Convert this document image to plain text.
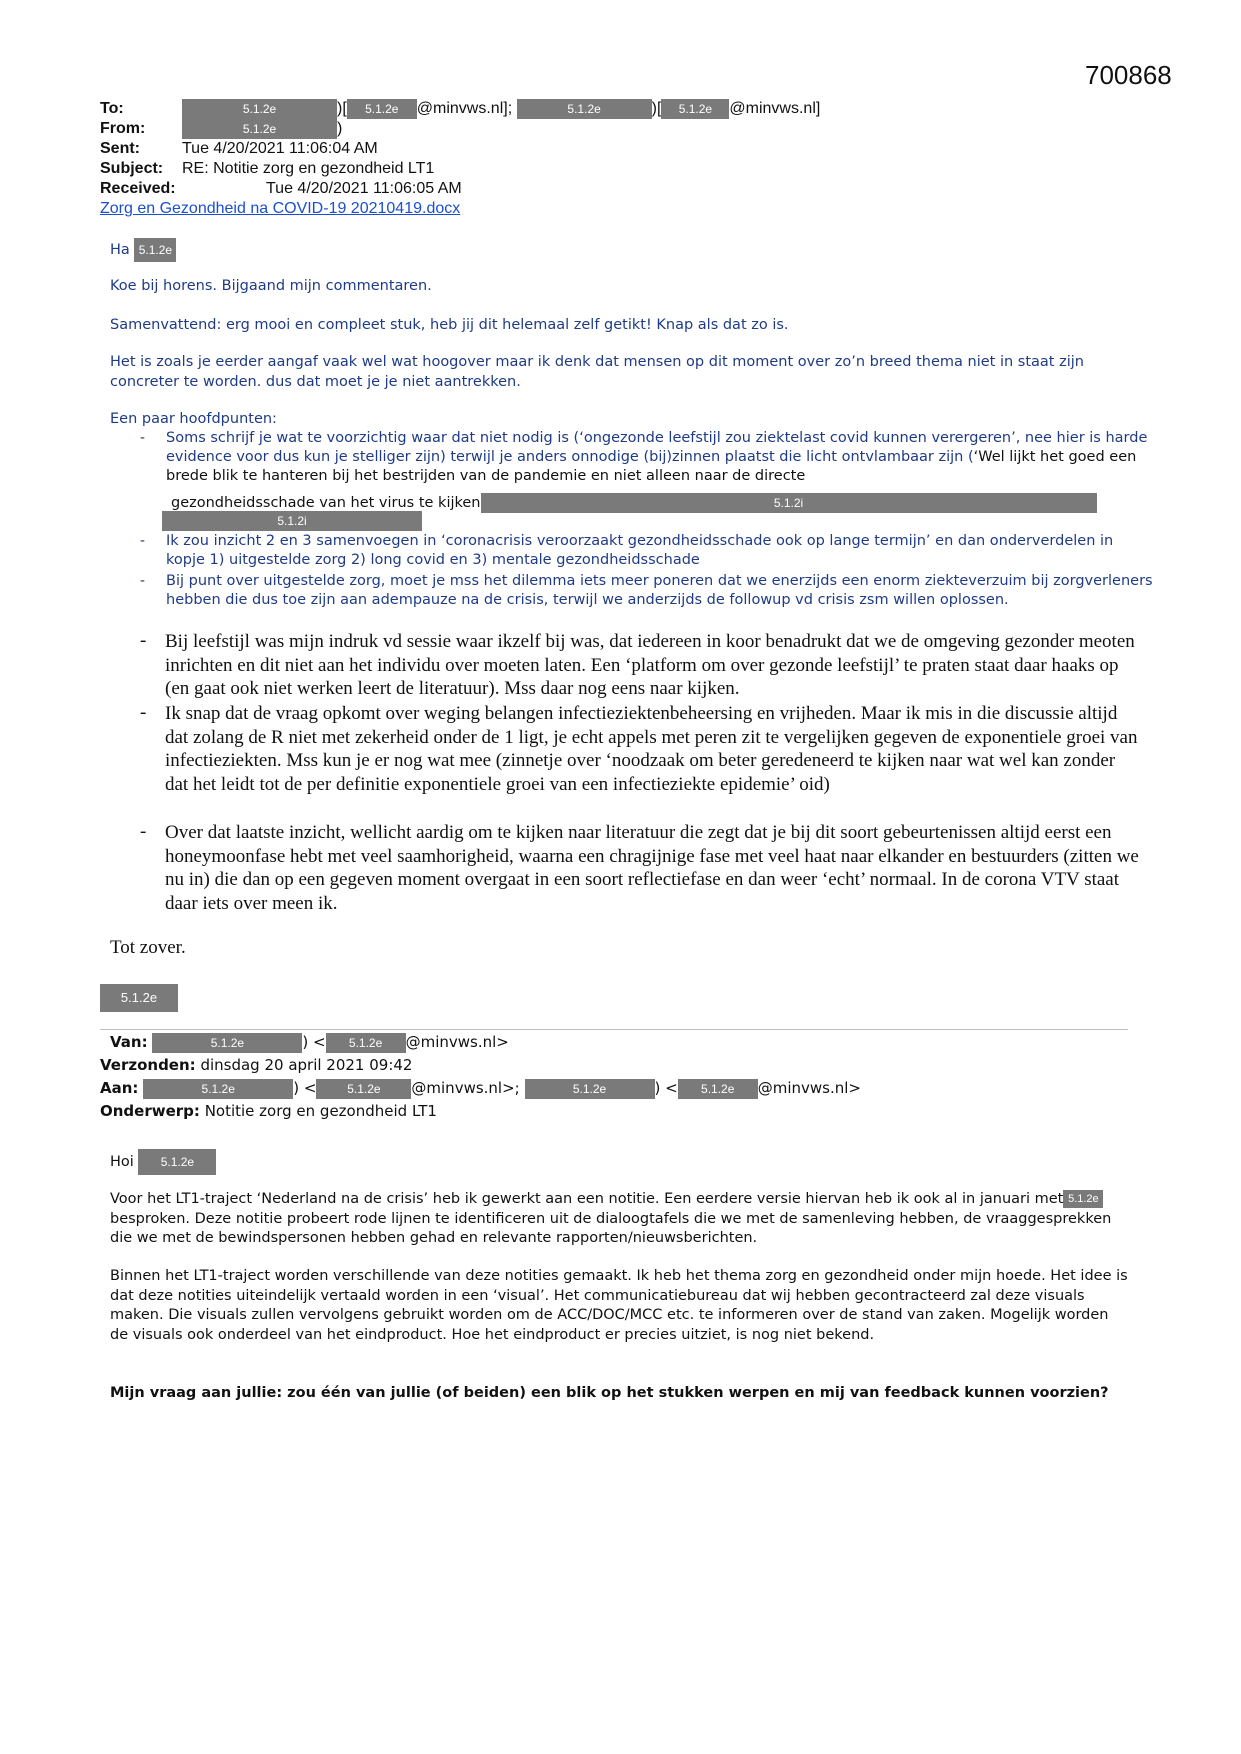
700868
To:	5.1.2e	)[ 5.1.2e @minvws.nl];	5.1.2e	)[ 5.1.2e @minvws.nl]
From:	5.1.2e	)
Sent:	Tue 4/20/2021 11:06:04 AM
Subject: RE: Notitie zorg en gezondheid LT1
Received:	Tue 4/20/2021 11:06:05 AM
Zorg en Gezondheid na COVID-19 20210419.docx
Ha 5.1.2e
Koe bij horens. Bijgaand mijn commentaren.
Samenvattend: erg mooi en compleet stuk, heb jij dit helemaal zelf getikt! Knap als dat zo is.
Het is zoals je eerder aangaf vaak wel wat hoogover maar ik denk dat mensen op dit moment over zo’n breed thema niet in staat zijn concreter te worden. dus dat moet je je niet aantrekken.
Een paar hoofdpunten:
- Soms schrijf je wat te voorzichtig waar dat niet nodig is (‘ongezonde leefstijl zou ziektelast covid kunnen verergeren’, nee hier is harde evidence voor dus kun je stelliger zijn) terwijl je anders onnodige (bij)zinnen plaatst die licht ontvlambaar zijn (‘Wel lijkt het goed een brede blik te hanteren bij het bestrijden van de pandemie en niet alleen naar de directe
gezondheidsschade van het virus te kijken	5.1.2i
5.1.2i
- Ik zou inzicht 2 en 3 samenvoegen in ‘coronacrisis veroorzaakt gezondheidsschade ook op lange termijn’ en dan onderverdelen in kopje 1) uitgestelde zorg 2) long covid en 3) mentale gezondheidsschade
- Bij punt over uitgestelde zorg, moet je mss het dilemma iets meer poneren dat we enerzijds een enorm ziekteverzuim bij zorgverleners hebben die dus toe zijn aan adempauze na de crisis, terwijl we anderzijds de followup vd crisis zsm willen oplossen.
- Bij leefstijl was mijn indruk vd sessie waar ikzelf bij was, dat iedereen in koor benadrukt dat we de omgeving gezonder meoten inrichten en dit niet aan het individu over moeten laten. Een ‘platform om over gezonde leefstijl’ te praten staat daar haaks op (en gaat ook niet werken leert de literatuur). Mss daar nog eens naar kijken.
- Ik snap dat de vraag opkomt over weging belangen infectieziektenbeheersing en vrijheden. Maar ik mis in die discussie altijd dat zolang de R niet met zekerheid onder de 1 ligt, je echt appels met peren zit te vergelijken gegeven de exponentiele groei van infectieziekten. Mss kun je er nog wat mee (zinnetje over ‘noodzaak om beter geredeneerd te kijken naar wat wel kan zonder dat het leidt tot de per definitie exponentiele groei van een infectieziekte epidemie’ oid)
- Over dat laatste inzicht, wellicht aardig om te kijken naar literatuur die zegt dat je bij dit soort gebeurtenissen altijd eerst een honeymoonfase hebt met veel saamhorigheid, waarna een chragijnige fase met veel haat naar elkander en bestuurders (zitten we nu in) die dan op een gegeven moment overgaat in een soort reflectiefase en dan weer ‘echt’ normaal. In de corona VTV staat daar iets over meen ik.
Tot zover.
5.1.2e
Van:	5.1.2e	) < 5.1.2e @minvws.nl>
Verzonden: dinsdag 20 april 2021 09:42
Aan:	5.1.2e	) <	5.1.2e @minvws.nl>;	5.1.2e	) < 5.1.2e @minvws.nl>
Onderwerp: Notitie zorg en gezondheid LT1
Hoi 5.1.2e
Voor het LT1-traject ‘Nederland na de crisis’ heb ik gewerkt aan een notitie. Een eerdere versie hiervan heb ik ook al in januari met 5.1.2ebesproken. Deze notitie probeert rode lijnen te identificeren uit de dialoogtafels die we met de samenleving hebben, de vraaggesprekken die we met de bewindspersonen hebben gehad en relevante rapporten/nieuwsberichten.
Binnen het LT1-traject worden verschillende van deze notities gemaakt. Ik heb het thema zorg en gezondheid onder mijn hoede. Het idee is dat deze notities uiteindelijk vertaald worden in een ‘visual’. Het communicatiebureau dat wij hebben gecontracteerd zal deze visuals maken. Die visuals zullen vervolgens gebruikt worden om de ACC/DOC/MCC etc. te informeren over de stand van zaken. Mogelijk worden de visuals ook onderdeel van het eindproduct. Hoe het eindproduct er precies uitziet, is nog niet bekend.
Mijn vraag aan jullie: zou één van jullie (of beiden) een blik op het stukken werpen en mij van feedback kunnen voorzien?
